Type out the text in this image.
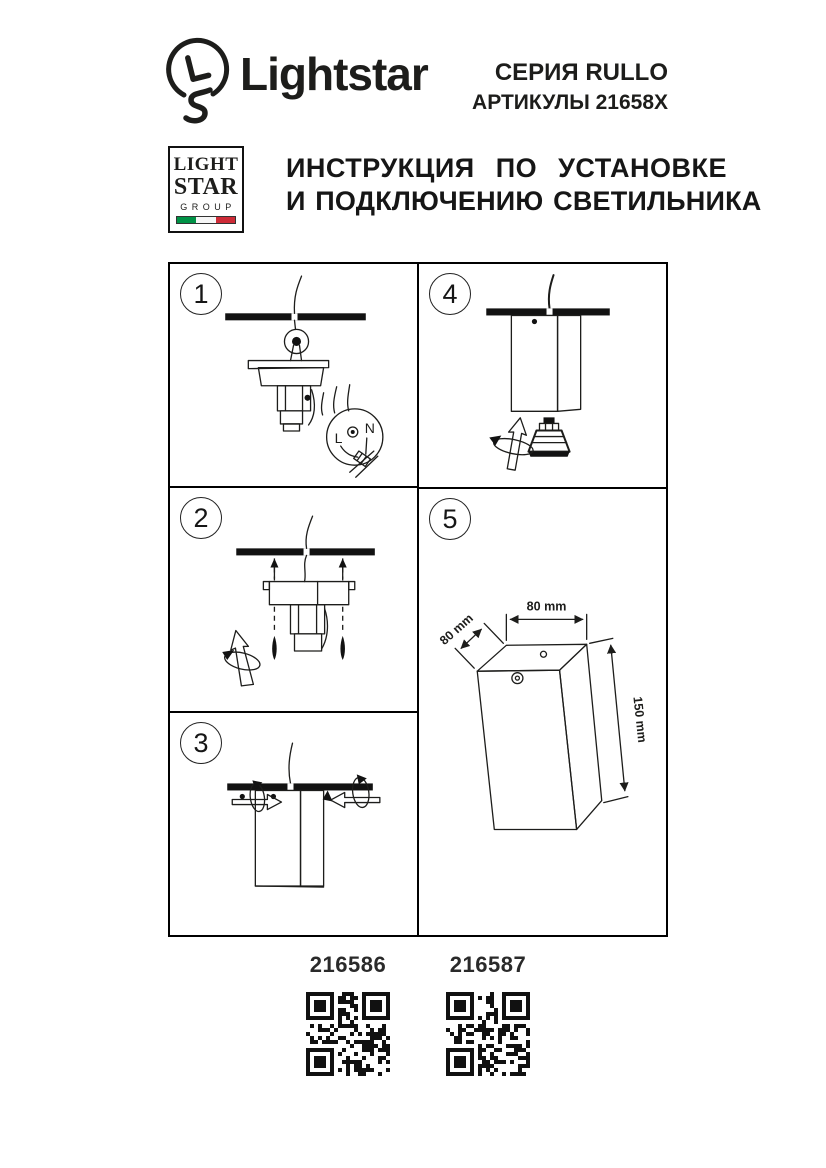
Lightstar	СЕРИЯ RULLO
АРТИКУЛЫ 21658X
LIGHT
STAR
GROUP
ИНСТРУКЦИЯ ПО УСТАНОВКЕ
И ПОДКЛЮЧЕНИЮ СВЕТИЛЬНИКА
1
L
N
2
3
4
5
80 mm
80 mm
150 mm
216586	216587
